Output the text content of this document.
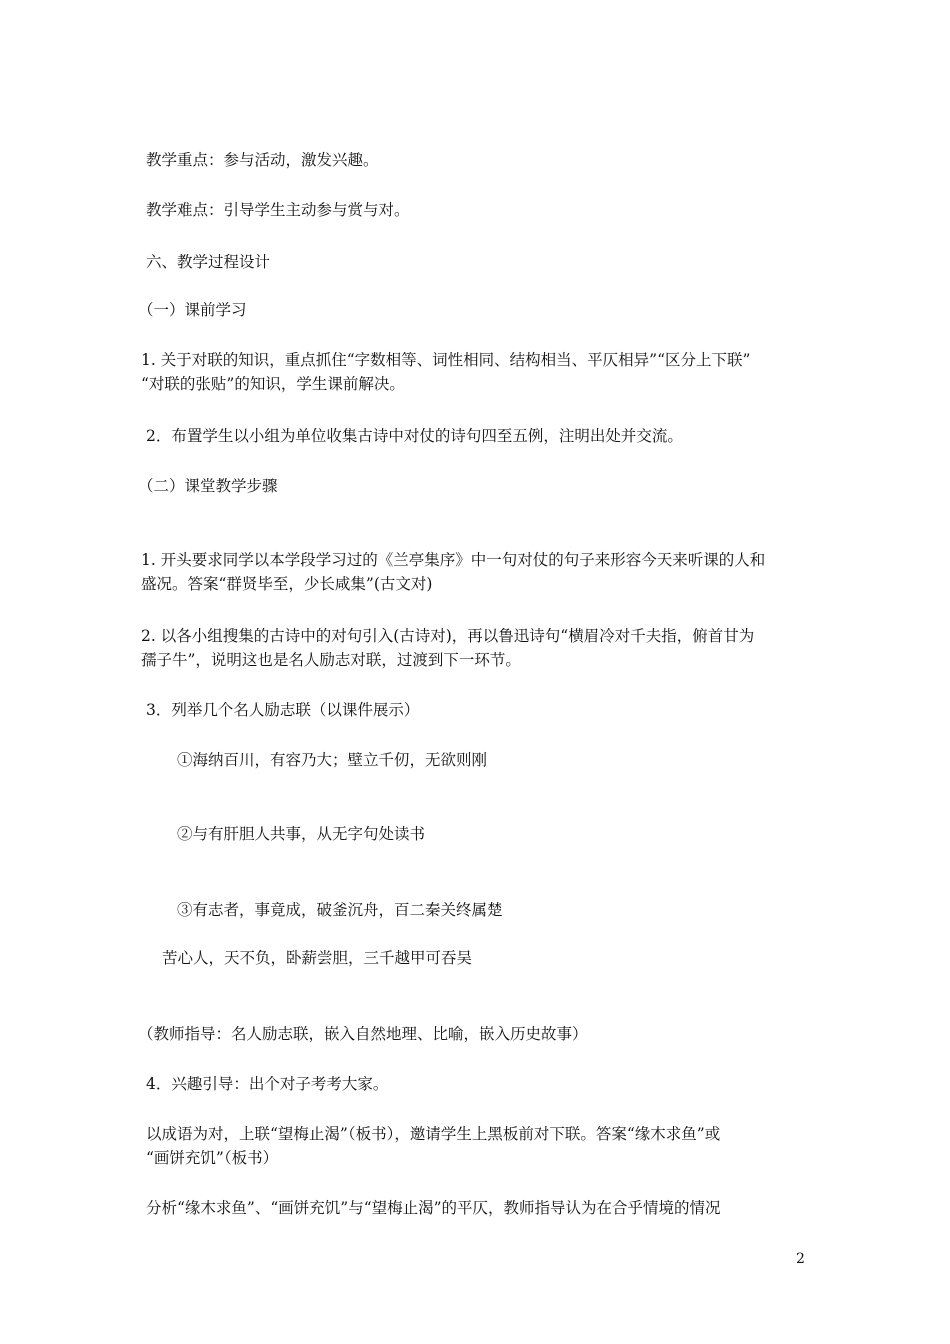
教学重点：参与活动，激发兴趣。

教学难点：引导学生主动参与赏与对。

六、教学过程设计

（一）课前学习

1. 关于对联的知识，重点抓住“字数相等、词性相同、结构相当、平仄相异”“区分上下联”
“对联的张贴”的知识，学生课前解决。

2．布置学生以小组为单位收集古诗中对仗的诗句四至五例，注明出处并交流。

（二）课堂教学步骤

1. 开头要求同学以本学段学习过的《兰亭集序》中一句对仗的句子来形容今天来听课的人和
盛况。答案“群贤毕至，少长咸集”(古文对)

2. 以各小组搜集的古诗中的对句引入(古诗对)，再以鲁迅诗句“横眉冷对千夫指，俯首甘为
孺子牛”，说明这也是名人励志对联，过渡到下一环节。

3．列举几个名人励志联（以课件展示）

①海纳百川，有容乃大；壁立千仞，无欲则刚

②与有肝胆人共事，从无字句处读书

③有志者，事竟成，破釜沉舟，百二秦关终属楚

苦心人，天不负，卧薪尝胆，三千越甲可吞吴

（教师指导：名人励志联，嵌入自然地理、比喻，嵌入历史故事）

4．兴趣引导：出个对子考考大家。

以成语为对，上联“望梅止渴”（板书），邀请学生上黑板前对下联。答案“缘木求鱼”或
“画饼充饥”（板书）

分析“缘木求鱼”、“画饼充饥”与“望梅止渴”的平仄，教师指导认为在合乎情境的情况

2
